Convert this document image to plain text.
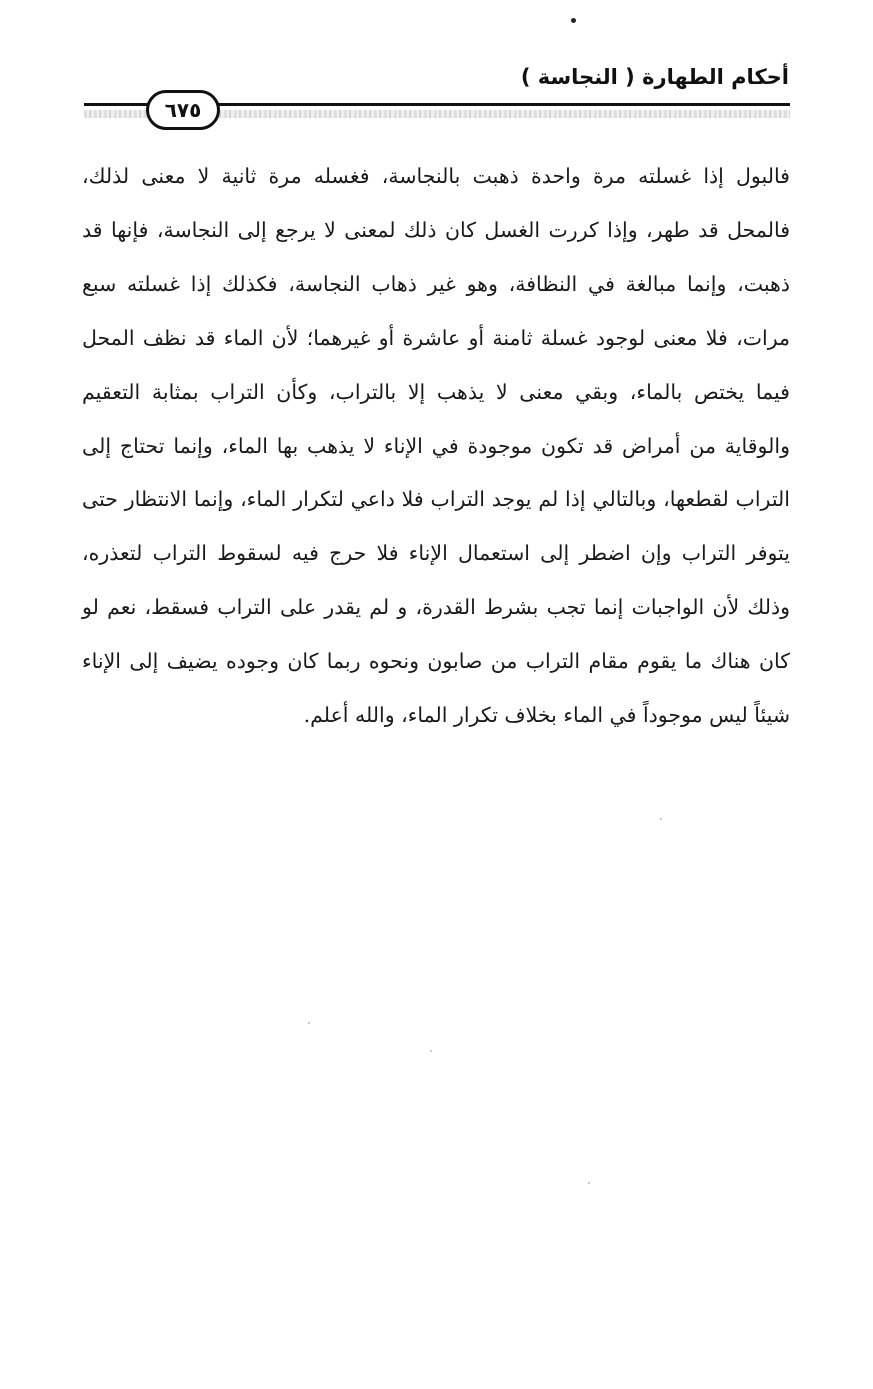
أحكام الطهارة ( النجاسة )
٦٧٥

فالبول إذا غسلته مرة واحدة ذهبت بالنجاسة، فغسله مرة ثانية لا معنى لذلك، فالمحل قد طهر، وإذا كررت الغسل كان ذلك لمعنى لا يرجع إلى النجاسة، فإنها قد ذهبت، وإنما مبالغة في النظافة، وهو غير ذهاب النجاسة، فكذلك إذا غسلته سبع مرات، فلا معنى لوجود غسلة ثامنة أو عاشرة أو غيرهما؛ لأن الماء قد نظف المحل فيما يختص بالماء، وبقي معنى لا يذهب إلا بالتراب، وكأن التراب بمثابة التعقيم والوقاية من أمراض قد تكون موجودة في الإناء لا يذهب بها الماء، وإنما تحتاج إلى التراب لقطعها، وبالتالي إذا لم يوجد التراب فلا داعي لتكرار الماء، وإنما الانتظار حتى يتوفر التراب وإن اضطر إلى استعمال الإناء فلا حرج فيه لسقوط التراب لتعذره، وذلك لأن الواجبات إنما تجب بشرط القدرة، و لم يقدر على التراب فسقط، نعم لو كان هناك ما يقوم مقام التراب من صابون ونحوه ربما كان وجوده يضيف إلى الإناء شيئاً ليس موجوداً في الماء بخلاف تكرار الماء، والله أعلم.
